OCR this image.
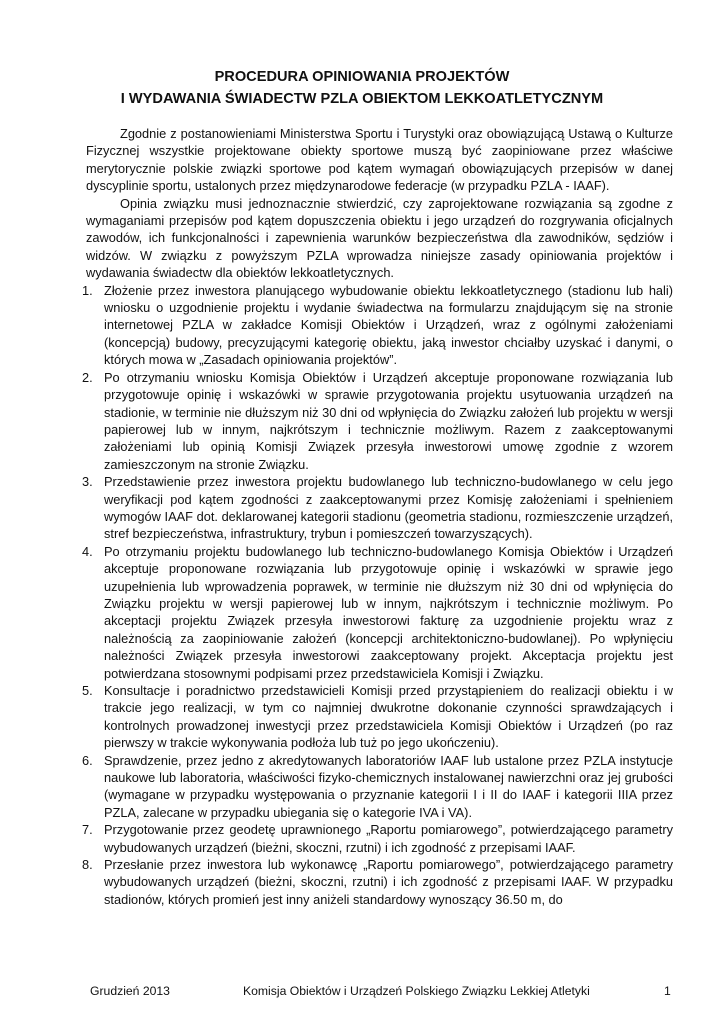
PROCEDURA OPINIOWANIA PROJEKTÓW
I WYDAWANIA ŚWIADECTW PZLA OBIEKTOM LEKKOATLETYCZNYM

Zgodnie z postanowieniami Ministerstwa Sportu i Turystyki oraz obowiązującą Ustawą o Kulturze Fizycznej wszystkie projektowane obiekty sportowe muszą być zaopiniowane przez właściwe merytorycznie polskie związki sportowe pod kątem wymagań obowiązujących przepisów w danej dyscyplinie sportu, ustalonych przez międzynarodowe federacje (w przypadku PZLA - IAAF).

Opinia związku musi jednoznacznie stwierdzić, czy zaprojektowane rozwiązania są zgodne z wymaganiami przepisów pod kątem dopuszczenia obiektu i jego urządzeń do rozgrywania oficjalnych zawodów, ich funkcjonalności i zapewnienia warunków bezpieczeństwa dla zawodników, sędziów i widzów. W związku z powyższym PZLA wprowadza niniejsze zasady opiniowania projektów i wydawania świadectw dla obiektów lekkoatletycznych.

1. Złożenie przez inwestora planującego wybudowanie obiektu lekkoatletycznego (stadionu lub hali) wniosku o uzgodnienie projektu i wydanie świadectwa na formularzu znajdującym się na stronie internetowej PZLA w zakładce Komisji Obiektów i Urządzeń, wraz z ogólnymi założeniami (koncepcją) budowy, precyzującymi kategorię obiektu, jaką inwestor chciałby uzyskać i danymi, o których mowa w „Zasadach opiniowania projektów”.
2. Po otrzymaniu wniosku Komisja Obiektów i Urządzeń akceptuje proponowane rozwiązania lub przygotowuje opinię i wskazówki w sprawie przygotowania projektu usytuowania urządzeń na stadionie, w terminie nie dłuższym niż 30 dni od wpłynięcia do Związku założeń lub projektu w wersji papierowej lub w innym, najkrótszym i technicznie możliwym. Razem z zaakceptowanymi założeniami lub opinią Komisji Związek przesyła inwestorowi umowę zgodnie z wzorem zamieszczonym na stronie Związku.
3. Przedstawienie przez inwestora projektu budowlanego lub techniczno-budowlanego w celu jego weryfikacji pod kątem zgodności z zaakceptowanymi przez Komisję założeniami i spełnieniem wymogów IAAF dot. deklarowanej kategorii stadionu (geometria stadionu, rozmieszczenie urządzeń, stref bezpieczeństwa, infrastruktury, trybun i pomieszczeń towarzyszących).
4. Po otrzymaniu projektu budowlanego lub techniczno-budowlanego Komisja Obiektów i Urządzeń akceptuje proponowane rozwiązania lub przygotowuje opinię i wskazówki w sprawie jego uzupełnienia lub wprowadzenia poprawek, w terminie nie dłuższym niż 30 dni od wpłynięcia do Związku projektu w wersji papierowej lub w innym, najkrótszym i technicznie możliwym. Po akceptacji projektu Związek przesyła inwestorowi fakturę za uzgodnienie projektu wraz z należnością za zaopiniowanie założeń (koncepcji architektoniczno-budowlanej). Po wpłynięciu należności Związek przesyła inwestorowi zaakceptowany projekt. Akceptacja projektu jest potwierdzana stosownymi podpisami przez przedstawiciela Komisji i Związku.
5. Konsultacje i poradnictwo przedstawicieli Komisji przed przystąpieniem do realizacji obiektu i w trakcie jego realizacji, w tym co najmniej dwukrotne dokonanie czynności sprawdzających i kontrolnych prowadzonej inwestycji przez przedstawiciela Komisji Obiektów i Urządzeń (po raz pierwszy w trakcie wykonywania podłoża lub tuż po jego ukończeniu).
6. Sprawdzenie, przez jedno z akredytowanych laboratoriów IAAF lub ustalone przez PZLA instytucje naukowe lub laboratoria, właściwości fizyko-chemicznych instalowanej nawierzchni oraz jej grubości (wymagane w przypadku występowania o przyznanie kategorii I i II do IAAF i kategorii IIIA przez PZLA, zalecane w przypadku ubiegania się o kategorie IVA i VA).
7. Przygotowanie przez geodetę uprawnionego „Raportu pomiarowego”, potwierdzającego parametry wybudowanych urządzeń (bieżni, skoczni, rzutni) i ich zgodność z przepisami IAAF.
8. Przesłanie przez inwestora lub wykonawcę „Raportu pomiarowego”, potwierdzającego parametry wybudowanych urządzeń (bieżni, skoczni, rzutni) i ich zgodność z przepisami IAAF. W przypadku stadionów, których promień jest inny aniżeli standardowy wynoszący 36.50 m, do
Grudzień 2013	Komisja Obiektów i Urządzeń Polskiego Związku Lekkiej Atletyki	1
